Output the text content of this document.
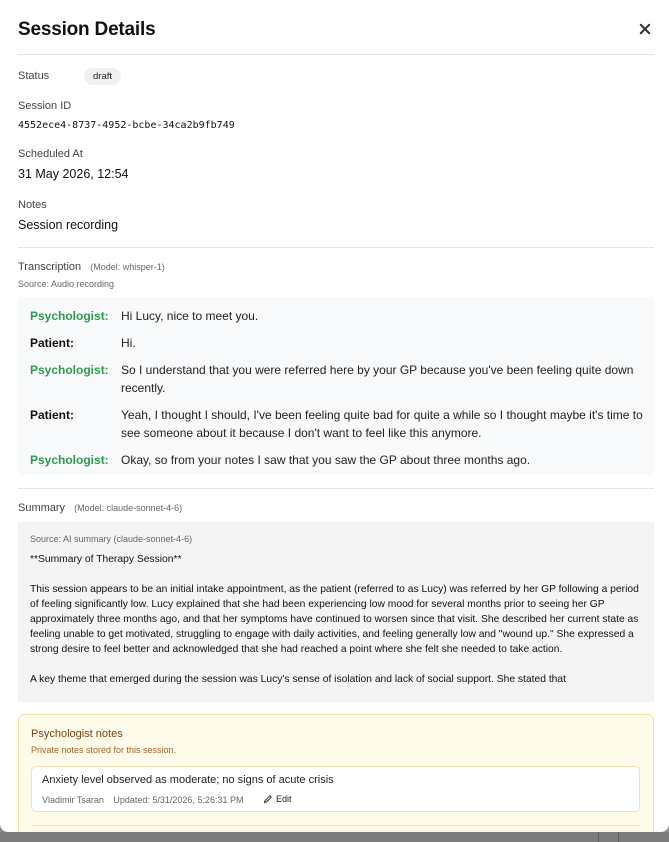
Session Details
Status	draft
Session ID
4552ece4-8737-4952-bcbe-34ca2b9fb749
Scheduled At
31 May 2026, 12:54
Notes
Session recording
Transcription (Model: whisper-1)
Source: Audio recording
Psychologist:	Hi Lucy, nice to meet you.
Patient:	Hi.
Psychologist:	So I understand that you were referred here by your GP because you've been feeling quite down recently.
Patient:	Yeah, I thought I should, I've been feeling quite bad for quite a while so I thought maybe it's time to see someone about it because I don't want to feel like this anymore.
Psychologist:	Okay, so from your notes I saw that you saw the GP about three months ago.
Summary (Model: claude-sonnet-4-6)
Source: AI summary (claude-sonnet-4-6)

**Summary of Therapy Session**

This session appears to be an initial intake appointment, as the patient (referred to as Lucy) was referred by her GP following a period of feeling significantly low. Lucy explained that she had been experiencing low mood for several months prior to seeing her GP approximately three months ago, and that her symptoms have continued to worsen since that visit. She described her current state as feeling unable to get motivated, struggling to engage with daily activities, and feeling generally low and "wound up." She expressed a strong desire to feel better and acknowledged that she had reached a point where she felt she needed to take action.

A key theme that emerged during the session was Lucy's sense of isolation and lack of social support. She stated that

Psychologist notes
Private notes stored for this session.
Anxiety level observed as moderate; no signs of acute crisis
Vladimir Tsaran Updated: 5/31/2026, 5:26:31 PM	Edit
